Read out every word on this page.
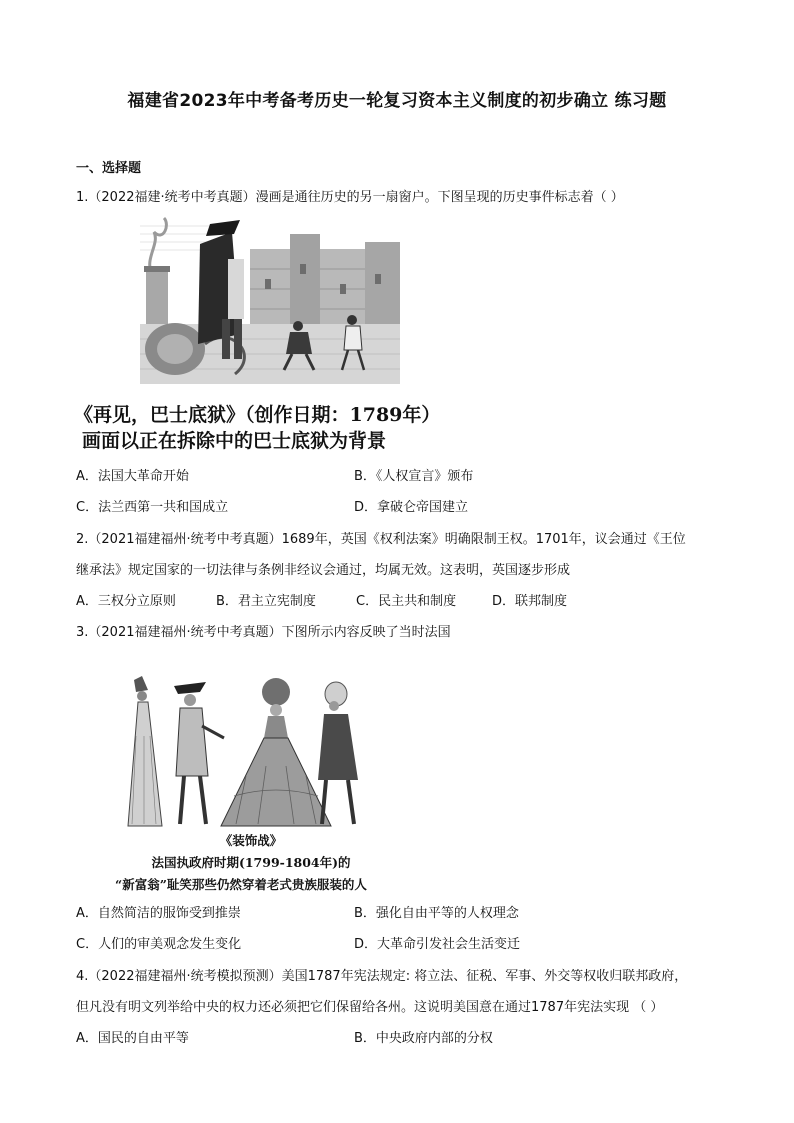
福建省2023年中考备考历史一轮复习资本主义制度的初步确立 练习题
一、选择题
1.（2022福建·统考中考真题）漫画是通往历史的另一扇窗户。下图呈现的历史事件标志着（ ）
《再见，巴士底狱》（创作日期：1789年）
画面以正在拆除中的巴士底狱为背景
A．法国大革命开始	B．《人权宣言》颁布
C．法兰西第一共和国成立	D．拿破仑帝国建立
2.（2021福建福州·统考中考真题）1689年，英国《权利法案》明确限制王权。1701年，议会通过《王位
继承法》规定国家的一切法律与条例非经议会通过，均属无效。这表明，英国逐步形成
A．三权分立原则	B．君主立宪制度	C．民主共和制度	D．联邦制度
3.（2021福建福州·统考中考真题）下图所示内容反映了当时法国
《装饰战》
法国执政府时期(1799-1804年)的
“新富翁”耻笑那些仍然穿着老式贵族服装的人
A．自然简洁的服饰受到推崇	B．强化自由平等的人权理念
C．人们的审美观念发生变化	D．大革命引发社会生活变迁
4.（2022福建福州·统考模拟预测）美国1787年宪法规定: 将立法、征税、军事、外交等权收归联邦政府，
但凡没有明文列举给中央的权力还必须把它们保留给各州。这说明美国意在通过1787年宪法实现 （ ）
A．国民的自由平等	B．中央政府内部的分权
